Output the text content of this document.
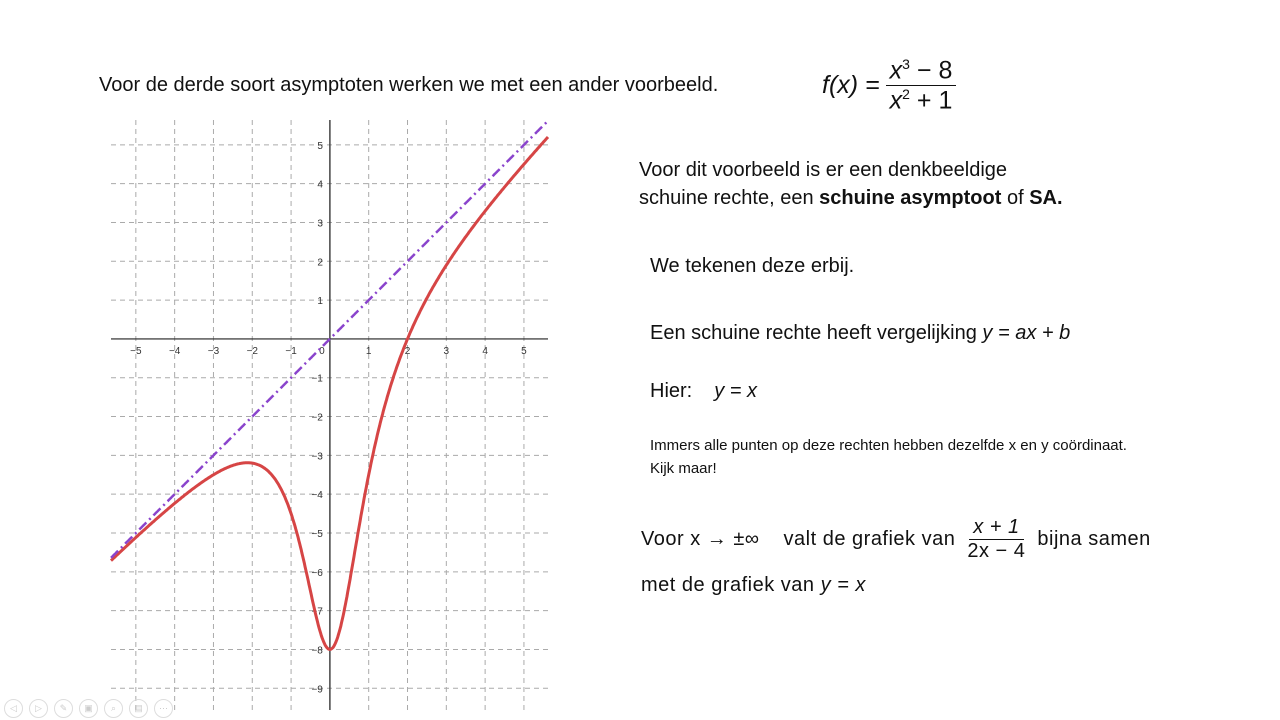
Voor de derde soort asymptoten werken we met een ander voorbeeld.	$f(x) = \frac{x^3 - 8}{x^2 + 1}$
Voor dit voorbeeld is er een denkbeeldige
schuine rechte, een schuine asymptoot of SA.
We tekenen deze erbij.
Een schuine rechte heeft vergelijking y = ax + b
Hier: y = x
Immers alle punten op deze rechten hebben dezelfde x en y coördinaat.
Kijk maar!
Voor x → ±∞ valt de grafiek van $\frac{x + 1}{2x - 4}$ bijna samen
met de grafiek van y = x
−5	−4	−3	−2	−1 0	1	2	3	4	5
5
4
3
2
1
−1
−2
−3
−4
−5
−6
−7
−8
−9
◁	▷	✎	▣	⌕	▤	⋯
